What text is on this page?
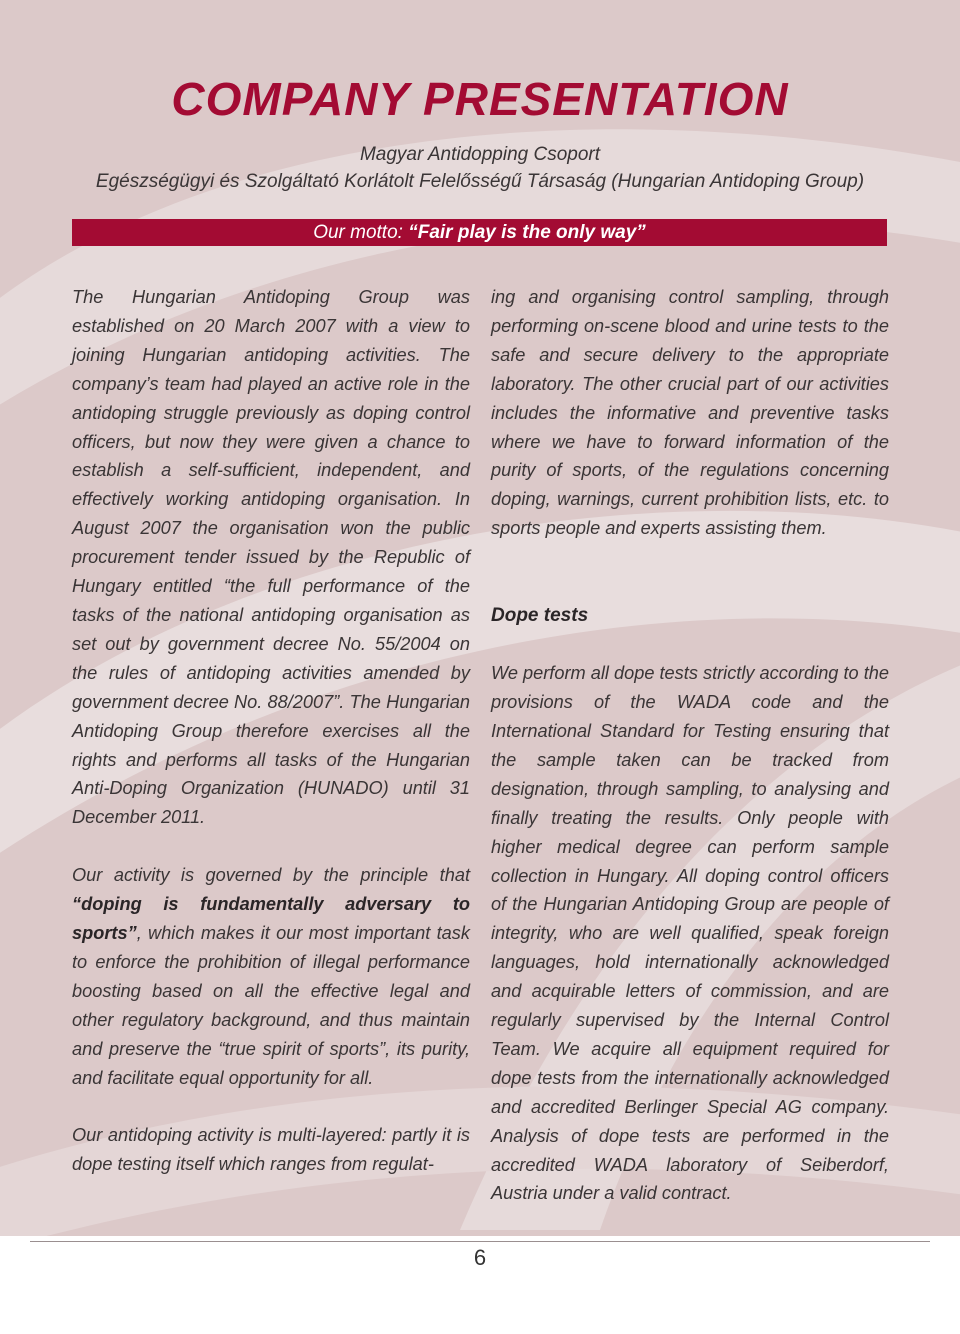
COMPANY PRESENTATION

Magyar Antidopping Csoport

Egészségügyi és Szolgáltató Korlátolt Felelősségű Társaság (Hungarian Antidoping Group)

Our motto: “Fair play is the only way”

The Hungarian Antidoping Group was established on 20 March 2007 with a view to joining Hungarian antidoping activities. The company’s team had played an active role in the antidoping struggle previously as doping control officers, but now they were given a chance to establish a self-sufficient, independent, and effectively working antidoping organisation. In August 2007 the organisation won the public procurement tender issued by the Republic of Hungary entitled “the full performance of the tasks of the national antidoping organisation as set out by government decree No. 55/2004 on the rules of antidoping activities amended by government decree No. 88/2007”. The Hungarian Antidoping Group therefore exercises all the rights and performs all tasks of the Hungarian Anti-Doping Organization (HUNADO) until 31 December 2011.

Our activity is governed by the principle that “doping is fundamentally adversary to sports”, which makes it our most important task to enforce the prohibition of illegal performance boosting based on all the effective legal and other regulatory background, and thus maintain and preserve the “true spirit of sports”, its purity, and facilitate equal opportunity for all.

Our antidoping activity is multi-layered: partly it is dope testing itself which ranges from regulat-

ing and organising control sampling, through performing on-scene blood and urine tests to the safe and secure delivery to the appropriate laboratory. The other crucial part of our activities includes the informative and preventive tasks where we have to forward information of the purity of sports, of the regulations concerning doping, warnings, current prohibition lists, etc. to sports people and experts assisting them.

Dope tests

We perform all dope tests strictly according to the provisions of the WADA code and the International Standard for Testing ensuring that the sample taken can be tracked from designation, through sampling, to analysing and finally treating the results. Only people with higher medical degree can perform sample collection in Hungary. All doping control officers of the Hungarian Antidoping Group are people of integrity, who are well qualified, speak foreign languages, hold internationally acknowledged and acquirable letters of commission, and are regularly supervised by the Internal Control Team. We acquire all equipment required for dope tests from the internationally acknowledged and accredited Berlinger Special AG company. Analysis of dope tests are performed in the accredited WADA laboratory of Seiberdorf, Austria under a valid contract.

6
